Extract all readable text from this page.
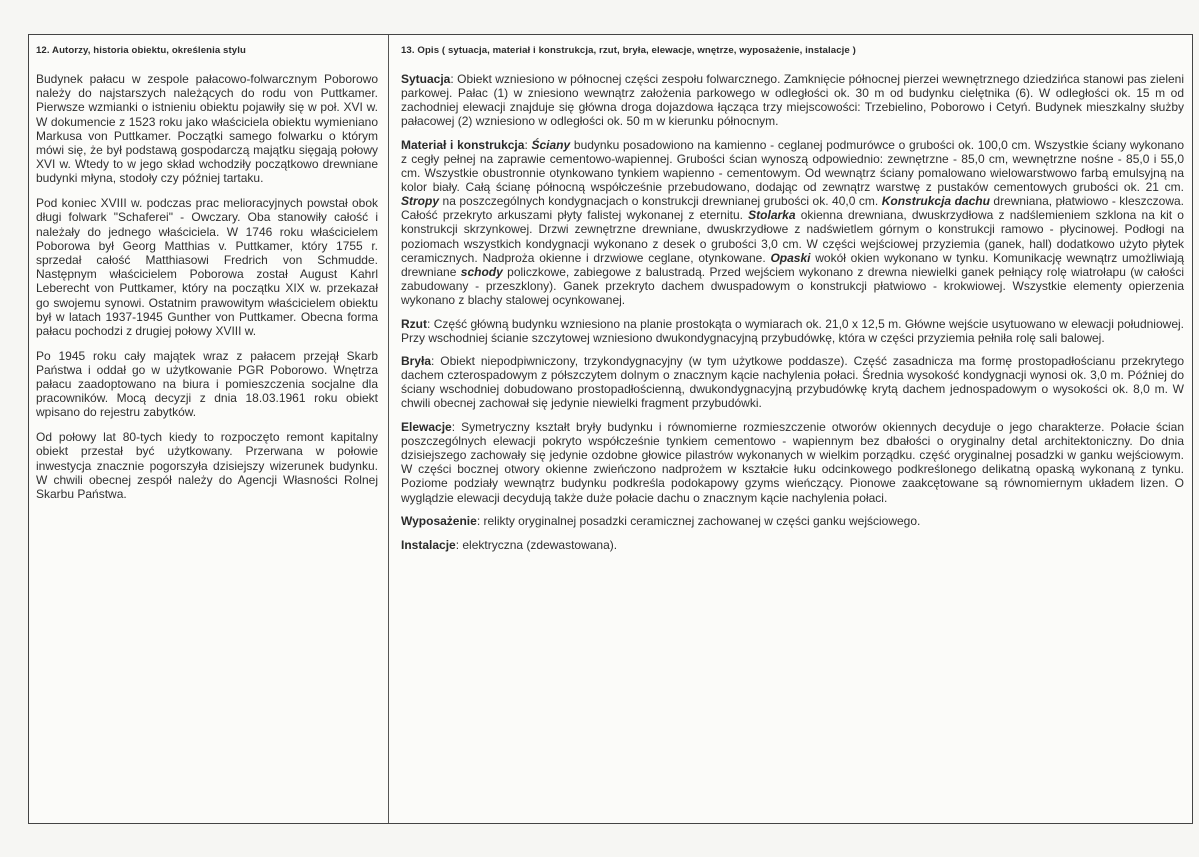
12. Autorzy, historia obiektu, określenia stylu

Budynek pałacu w zespole pałacowo-folwarcznym Poborowo należy do najstarszych należących do rodu von Puttkamer. Pierwsze wzmianki o istnieniu obiektu pojawiły się w poł. XVI w. W dokumencie z 1523 roku jako właściciela obiektu wymieniano Markusa von Puttkamer. Początki samego folwarku o którym mówi się, że był podstawą gospodarczą majątku sięgają połowy XVI w. Wtedy to w jego skład wchodziły początkowo drewniane budynki młyna, stodoły czy później tartaku.

Pod koniec XVIII w. podczas prac melioracyjnych powstał obok długi folwark "Schaferei" - Owczary. Oba stanowiły całość i należały do jednego właściciela. W 1746 roku właścicielem Poborowa był Georg Matthias v. Puttkamer, który 1755 r. sprzedał całość Matthiasowi Fredrich von Schmudde. Następnym właścicielem Poborowa został August Kahrl Leberecht von Puttkamer, który na początku XIX w. przekazał go swojemu synowi. Ostatnim prawowitym właścicielem obiektu był w latach 1937-1945 Gunther von Puttkamer. Obecna forma pałacu pochodzi z drugiej połowy XVIII w.

Po 1945 roku cały majątek wraz z pałacem przejął Skarb Państwa i oddał go w użytkowanie PGR Poborowo. Wnętrza pałacu zaadoptowano na biura i pomieszczenia socjalne dla pracowników. Mocą decyzji z dnia 18.03.1961 roku obiekt wpisano do rejestru zabytków.

Od połowy lat 80-tych kiedy to rozpoczęto remont kapitalny obiekt przestał być użytkowany. Przerwana w połowie inwestycja znacznie pogorszyła dzisiejszy wizerunek budynku. W chwili obecnej zespół należy do Agencji Własności Rolnej Skarbu Państwa.

13. Opis ( sytuacja, materiał i konstrukcja, rzut, bryła, elewacje, wnętrze, wyposażenie, instalacje )

Sytuacja: Obiekt wzniesiono w północnej części zespołu folwarcznego. Zamknięcie północnej pierzei wewnętrznego dziedzińca stanowi pas zieleni parkowej. Pałac (1) w zniesiono wewnątrz założenia parkowego w odległości ok. 30 m od budynku cielętnika (6). W odległości ok. 15 m od zachodniej elewacji znajduje się główna droga dojazdowa łącząca trzy miejscowości: Trzebielino, Poborowo i Cetyń. Budynek mieszkalny służby pałacowej (2) wzniesiono w odległości ok. 50 m w kierunku północnym.

Materiał i konstrukcja: Ściany budynku posadowiono na kamienno - ceglanej podmurówce o grubości ok. 100,0 cm. Wszystkie ściany wykonano z cegły pełnej na zaprawie cementowo-wapiennej. Grubości ścian wynoszą odpowiednio: zewnętrzne - 85,0 cm, wewnętrzne nośne - 85,0 i 55,0 cm. Wszystkie obustronnie otynkowano tynkiem wapienno - cementowym. Od wewnątrz ściany pomalowano wielowarstwowo farbą emulsyjną na kolor biały. Całą ścianę północną współcześnie przebudowano, dodając od zewnątrz warstwę z pustaków cementowych grubości ok. 21 cm. Stropy na poszczególnych kondygnacjach o konstrukcji drewnianej grubości ok. 40,0 cm. Konstrukcja dachu drewniana, płatwiowo - kleszczowa. Całość przekryto arkuszami płyty falistej wykonanej z eternitu. Stolarka okienna drewniana, dwuskrzydłowa z nadślemieniem szklona na kit o konstrukcji skrzynkowej. Drzwi zewnętrzne drewniane, dwuskrzydłowe z nadświetlem górnym o konstrukcji ramowo - płycinowej. Podłogi na poziomach wszystkich kondygnacji wykonano z desek o grubości 3,0 cm. W części wejściowej przyziemia (ganek, hall) dodatkowo użyto płytek ceramicznych. Nadproża okienne i drzwiowe ceglane, otynkowane. Opaski wokół okien wykonano w tynku. Komunikację wewnątrz umożliwiają drewniane schody policzkowe, zabiegowe z balustradą. Przed wejściem wykonano z drewna niewielki ganek pełniący rolę wiatrołapu (w całości zabudowany - przeszklony). Ganek przekryto dachem dwuspadowym o konstrukcji płatwiowo - krokwiowej. Wszystkie elementy opierzenia wykonano z blachy stalowej ocynkowanej.

Rzut: Część główną budynku wzniesiono na planie prostokąta o wymiarach ok. 21,0 x 12,5 m. Główne wejście usytuowano w elewacji południowej. Przy wschodniej ścianie szczytowej wzniesiono dwukondygnacyjną przybudówkę, która w części przyziemia pełniła rolę sali balowej.

Bryła: Obiekt niepodpiwniczony, trzykondygnacyjny (w tym użytkowe poddasze). Część zasadnicza ma formę prostopadłościanu przekrytego dachem czterospadowym z półszczytem dolnym o znacznym kącie nachylenia połaci. Średnia wysokość kondygnacji wynosi ok. 3,0 m. Później do ściany wschodniej dobudowano prostopadłościenną, dwukondygnacyjną przybudówkę krytą dachem jednospadowym o wysokości ok. 8,0 m. W chwili obecnej zachował się jedynie niewielki fragment przybudówki.

Elewacje: Symetryczny kształt bryły budynku i równomierne rozmieszczenie otworów okiennych decyduje o jego charakterze. Połacie ścian poszczególnych elewacji pokryto współcześnie tynkiem cementowo - wapiennym bez dbałości o oryginalny detal architektoniczny. Do dnia dzisiejszego zachowały się jedynie ozdobne głowice pilastrów wykonanych w wielkim porządku. część oryginalnej posadzki w ganku wejściowym. W części bocznej otwory okienne zwieńczono nadprożem w kształcie łuku odcinkowego podkreślonego delikatną opaską wykonaną z tynku. Poziome podziały wewnątrz budynku podkreśla podokapowy gzyms wieńczący. Pionowe zaakcętowane są równomiernym układem lizen. O wyglądzie elewacji decydują także duże połacie dachu o znacznym kącie nachylenia połaci.

Wyposażenie: relikty oryginalnej posadzki ceramicznej zachowanej w części ganku wejściowego.

Instalacje: elektryczna (zdewastowana).
